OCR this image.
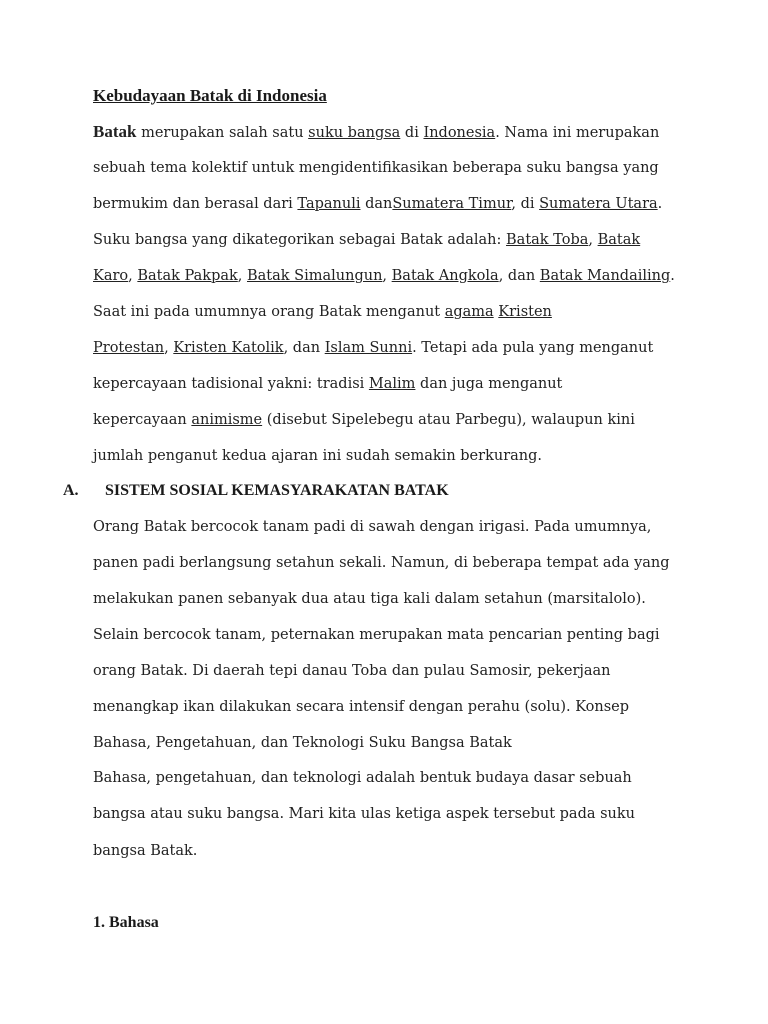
Kebudayaan Batak di Indonesia
Batak merupakan salah satu suku bangsa di Indonesia. Nama ini merupakan
sebuah tema kolektif untuk mengidentifikasikan beberapa suku bangsa yang
bermukim dan berasal dari Tapanuli danSumatera Timur, di Sumatera Utara.
Suku bangsa yang dikategorikan sebagai Batak adalah: Batak Toba, Batak
Karo, Batak Pakpak, Batak Simalungun, Batak Angkola, dan Batak Mandailing.
Saat ini pada umumnya orang Batak menganut agama Kristen
Protestan, Kristen Katolik, dan Islam Sunni. Tetapi ada pula yang menganut
kepercayaan tadisional yakni: tradisi Malim dan juga menganut
kepercayaan animisme (disebut Sipelebegu atau Parbegu), walaupun kini
jumlah penganut kedua ajaran ini sudah semakin berkurang.
A. SISTEM SOSIAL KEMASYARAKATAN BATAK
Orang Batak bercocok tanam padi di sawah dengan irigasi. Pada umumnya,
panen padi berlangsung setahun sekali. Namun, di beberapa tempat ada yang
melakukan panen sebanyak dua atau tiga kali dalam setahun (marsitalolo).
Selain bercocok tanam, peternakan merupakan mata pencarian penting bagi
orang Batak. Di daerah tepi danau Toba dan pulau Samosir, pekerjaan
menangkap ikan dilakukan secara intensif dengan perahu (solu). Konsep
Bahasa, Pengetahuan, dan Teknologi Suku Bangsa Batak
Bahasa, pengetahuan, dan teknologi adalah bentuk budaya dasar sebuah
bangsa atau suku bangsa. Mari kita ulas ketiga aspek tersebut pada suku
bangsa Batak.
1. Bahasa
